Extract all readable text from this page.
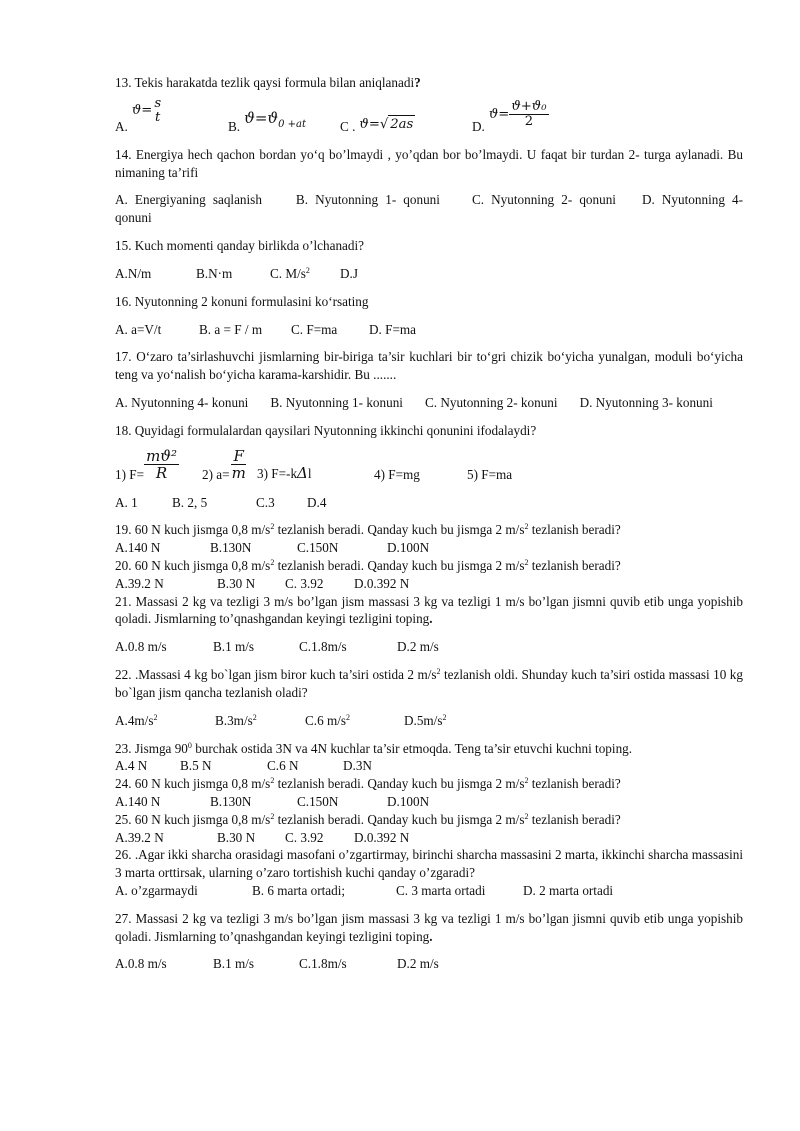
13. Tekis harakatda tezlik qaysi formula bilan aniqlanadi?

A.
ϑ=
s
t
B. $ϑ=ϑ_{0 +at}$	C . ϑ=√ 2as	D.
$ϑ= \frac{\text{ϑ+ϑ₀}}{2}$

14. Energiya hech qachon bordan yo‘q bo’lmaydi , yo’qdan bor bo’lmaydi. U faqat bir turdan 2- turga aylanadi. Bu nimaning ta’rifi

A. Energiyaning saqlanish	B. Nyutonning 1- qonuni C. Nyutonning 2- qonuni D. Nyutonning 4- qonuni

15. Kuch momenti qanday birlikda o’lchanadi?

A.N/m	B.N·m	C. $M/s^2$	D.J

16. Nyutonning 2 konuni formulasini ko‘rsating

A. a=V/t	B. a = F / m	C. F=ma	D. F=ma

17. O‘zaro ta’sirlashuvchi jismlarning bir-biriga ta’sir kuchlari bir to‘gri chizik bo‘yicha yunalgan, moduli bo‘yicha teng va yo‘nalish bo‘yicha karama-karshidir. Bu .......

A. Nyutonning 4- konuni B. Nyutonning 1- konuni C. Nyutonning 2- konuni D. Nyutonning 3- konuni

18. Quyidagi formulalardan qaysilari Nyutonning ikkinchi qonunini ifodalaydi?

1) $F= \frac{\text{mϑ²}}{R} 2$) $a= \frac{F}{m} 3$) F=-kΔl	4) F=mg	5) F=ma
A. 1	B. 2, 5	C.3	D.4

19. 60 N kuch jismga 0,8 $m/s^2$ tezlanish beradi. Qanday kuch bu jismga 2 $m/s^2$ tezlanish beradi?

A.140 N	B.130N	C.150N	D.100N

20. 60 N kuch jismga 0,8 $m/s^2$ tezlanish beradi. Qanday kuch bu jismga 2 $m/s^2$ tezlanish beradi?

A.39.2 N	B.30 N	C. 3.92	D.0.392 N

21. Massasi 2 kg va tezligi 3 m/s bo’lgan jism massasi 3 kg va tezligi 1 m/s bo’lgan jismni quvib etib unga yopishib qoladi. Jismlarning to’qnashgandan keyingi tezligini toping.

A.0.8 m/s	B.1 m/s	C.1.8m/s	D.2 m/s

22. .Massasi 4 kg bo`lgan jism biror kuch ta’siri ostida 2 $m/s^2$ tezlanish oldi. Shunday kuch ta’siri ostida massasi 10 kg bo`lgan jism qancha tezlanish oladi?

$A.4m/s^2$	$B.3m/s^2$	C.6 $m/s^2$	$D.5m/s^2$

23. Jismga $90^0$ burchak ostida 3N va 4N kuchlar ta’sir etmoqda. Teng ta’sir etuvchi kuchni toping.

A.4 N	B.5 N	C.6 N	D.3N

24. 60 N kuch jismga 0,8 $m/s^2$ tezlanish beradi. Qanday kuch bu jismga 2 $m/s^2$ tezlanish beradi?

A.140 N	B.130N	C.150N	D.100N

25. 60 N kuch jismga 0,8 $m/s^2$ tezlanish beradi. Qanday kuch bu jismga 2 $m/s^2$ tezlanish beradi?

A.39.2 N	B.30 N	C. 3.92	D.0.392 N

26. .Agar ikki sharcha orasidagi masofani o’zgartirmay, birinchi sharcha massasini 2 marta, ikkinchi sharcha massasini 3 marta orttirsak, ularning o’zaro tortishish kuchi qanday o’zgaradi?

A. o’zgarmaydi	B. 6 marta ortadi;	C. 3 marta ortadi	D. 2 marta ortadi

27. Massasi 2 kg va tezligi 3 m/s bo’lgan jism massasi 3 kg va tezligi 1 m/s bo’lgan jismni quvib etib unga yopishib qoladi. Jismlarning to’qnashgandan keyingi tezligini toping.

A.0.8 m/s	B.1 m/s	C.1.8m/s	D.2 m/s
